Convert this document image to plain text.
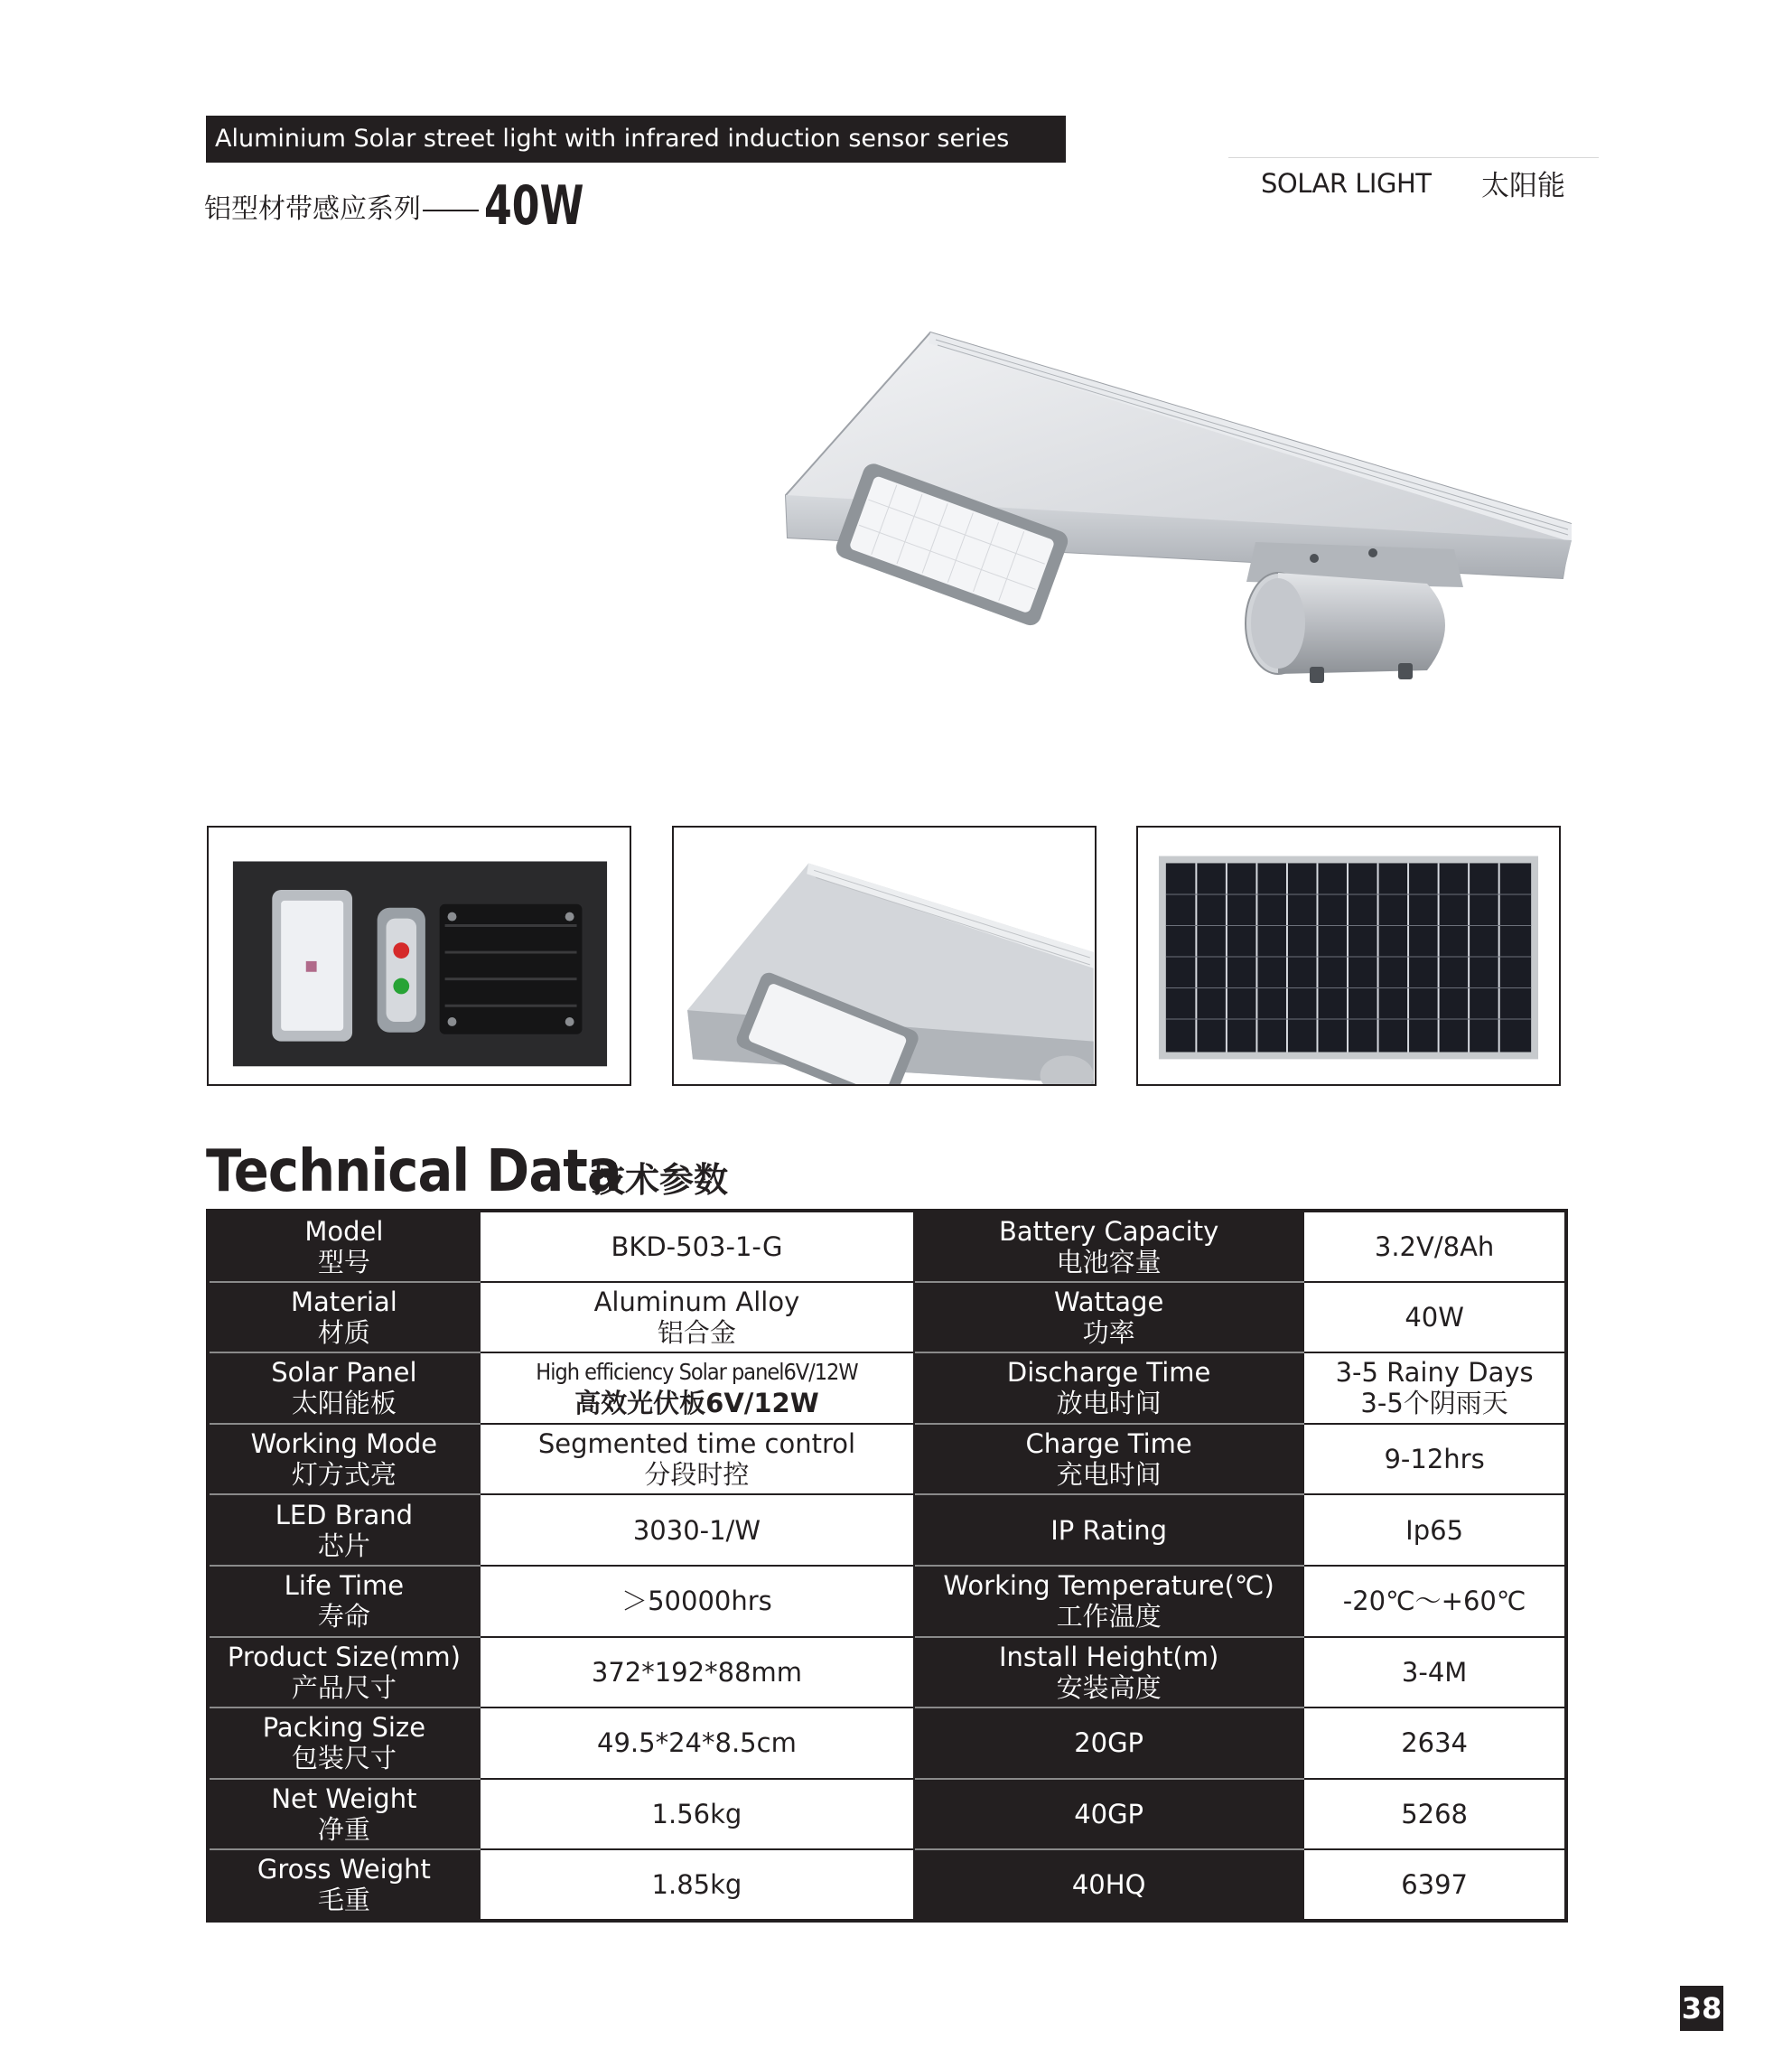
Aluminium Solar street light with infrared induction sensor series
铝型材带感应系列 40W	SOLAR LIGHT 太阳能
Technical Data
技术参数
Model
型号	BKD-503-1-G	Battery Capacity
电池容量	3.2V/8Ah

Material
材质	Aluminum Alloy
铝合金	Wattage
功率	40W

Solar Panel
太阳能板	High efficiency Solar panel6V/12W
高效光伏板6V/12W	Discharge Time
放电时间	3-5 Rainy Days
3-5个阴雨天

Working Mode
灯方式亮	Segmented time control
分段时控	Charge Time
充电时间	9-12hrs

LED Brand
芯片	3030-1/W	IP Rating	Ip65

Life Time
寿命	＞50000hrs	Working Temperature(℃)
工作温度	-20℃～+60℃

Product Size(mm)
产品尺寸	372*192*88mm	Install Height(m)
安装高度	3-4M

Packing Size
包装尺寸	49.5*24*8.5cm	20GP	2634

Net Weight
净重	1.56kg	40GP	5268

Gross Weight
毛重	1.85kg	40HQ	6397
38
